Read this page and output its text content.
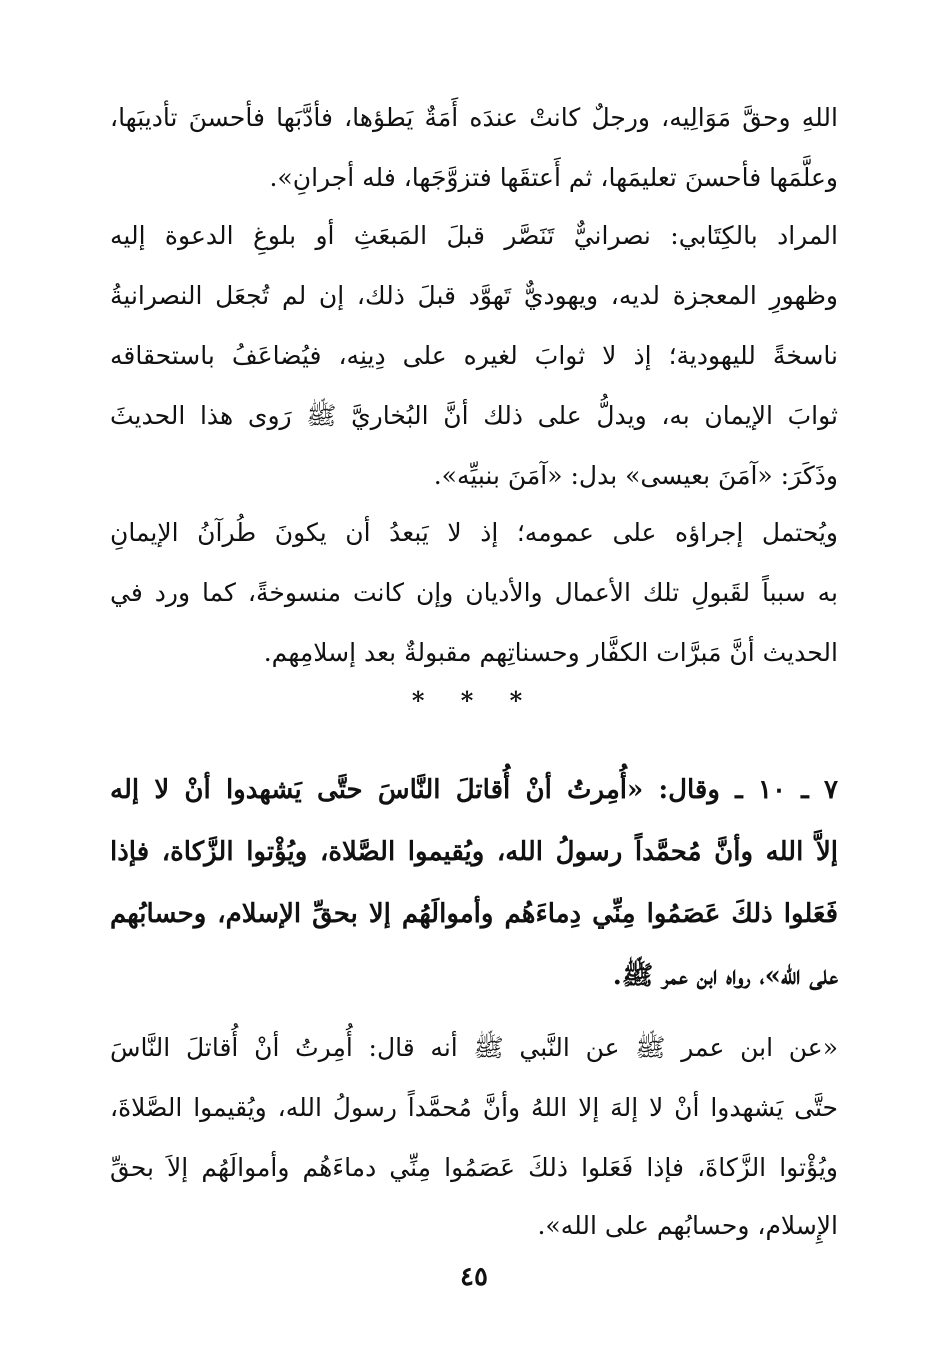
اللهِ وحقَّ مَوَالِيه، ورجلٌ كانتْ عندَه أَمَةٌ يَطؤها، فأدَّبَها فأحسنَ تأديبَها،
وعلَّمَها فأحسنَ تعليمَها، ثم أَعتقَها فتزوَّجَها، فله أجرانِ».
المراد بالكِتَابي: نصرانيٌّ تَنَصَّر قبلَ المَبعَثِ أو بلوغِ الدعوة إليه
وظهورِ المعجزة لديه، ويهوديٌّ تَهوَّد قبلَ ذلك، إن لم تُجعَل النصرانيةُ
ناسخةً لليهودية؛ إذ لا ثوابَ لغيره على دِينِه، فيُضاعَفُ باستحقاقه
ثوابَ الإيمان به، ويدلُّ على ذلك أنَّ البُخاريَّ ﷺ رَوى هذا الحديثَ
وذَكَرَ: «آمَنَ بعيسى» بدل: «آمَنَ بنبيِّه».
ويُحتمل إجراؤه على عمومه؛ إذ لا يَبعدُ أن يكونَ طُرآنُ الإيمانِ
به سبباً لقَبولِ تلك الأعمال والأديان وإن كانت منسوخةً، كما ورد في
الحديث أنَّ مَبرَّات الكفَّار وحسناتِهم مقبولةٌ بعد إسلامِهم.
* * *
٧ ـ ١٠ ـ وقال: «أُمِرتُ أنْ أُقاتلَ النَّاسَ حتَّى يَشهدوا أنْ لا إله
إلاَّ الله وأنَّ مُحمَّداً رسولُ الله، ويُقيموا الصَّلاة، ويُؤْتوا الزَّكاة، فإذا
فَعَلوا ذلكَ عَصَمُوا مِنِّي دِماءَهُم وأموالَهُم إلا بحقِّ الإسلام، وحسابُهم
على الله»، رواه ابن عمر ﷺ.
«عن ابن عمر ﷺ عن النَّبي ﷺ أنه قال: أُمِرتُ أنْ أُقاتلَ النَّاسَ
حتَّى يَشهدوا أنْ لا إلهَ إلا اللهُ وأنَّ مُحمَّداً رسولُ الله، ويُقيموا الصَّلاةَ،
ويُؤْتوا الزَّكاةَ، فإذا فَعَلوا ذلكَ عَصَمُوا مِنِّي دماءَهُم وأموالَهُم إلاَ بحقِّ
الإِسلام، وحسابُهم على الله».
٤٥
